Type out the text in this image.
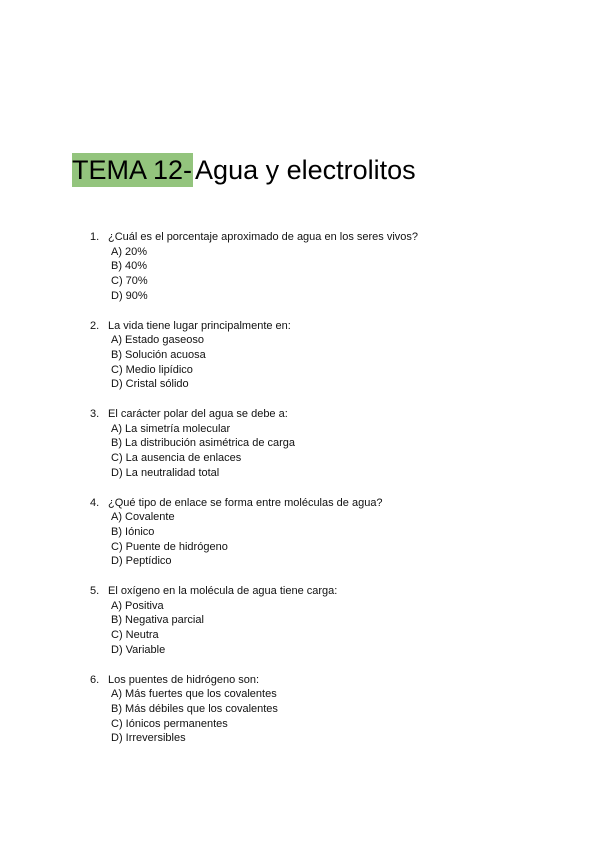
TEMA 12- Agua y electrolitos
1. ¿Cuál es el porcentaje aproximado de agua en los seres vivos?
A) 20%
B) 40%
C) 70%
D) 90%
2. La vida tiene lugar principalmente en:
A) Estado gaseoso
B) Solución acuosa
C) Medio lipídico
D) Cristal sólido
3. El carácter polar del agua se debe a:
A) La simetría molecular
B) La distribución asimétrica de carga
C) La ausencia de enlaces
D) La neutralidad total
4. ¿Qué tipo de enlace se forma entre moléculas de agua?
A) Covalente
B) Iónico
C) Puente de hidrógeno
D) Peptídico
5. El oxígeno en la molécula de agua tiene carga:
A) Positiva
B) Negativa parcial
C) Neutra
D) Variable
6. Los puentes de hidrógeno son:
A) Más fuertes que los covalentes
B) Más débiles que los covalentes
C) Iónicos permanentes
D) Irreversibles
